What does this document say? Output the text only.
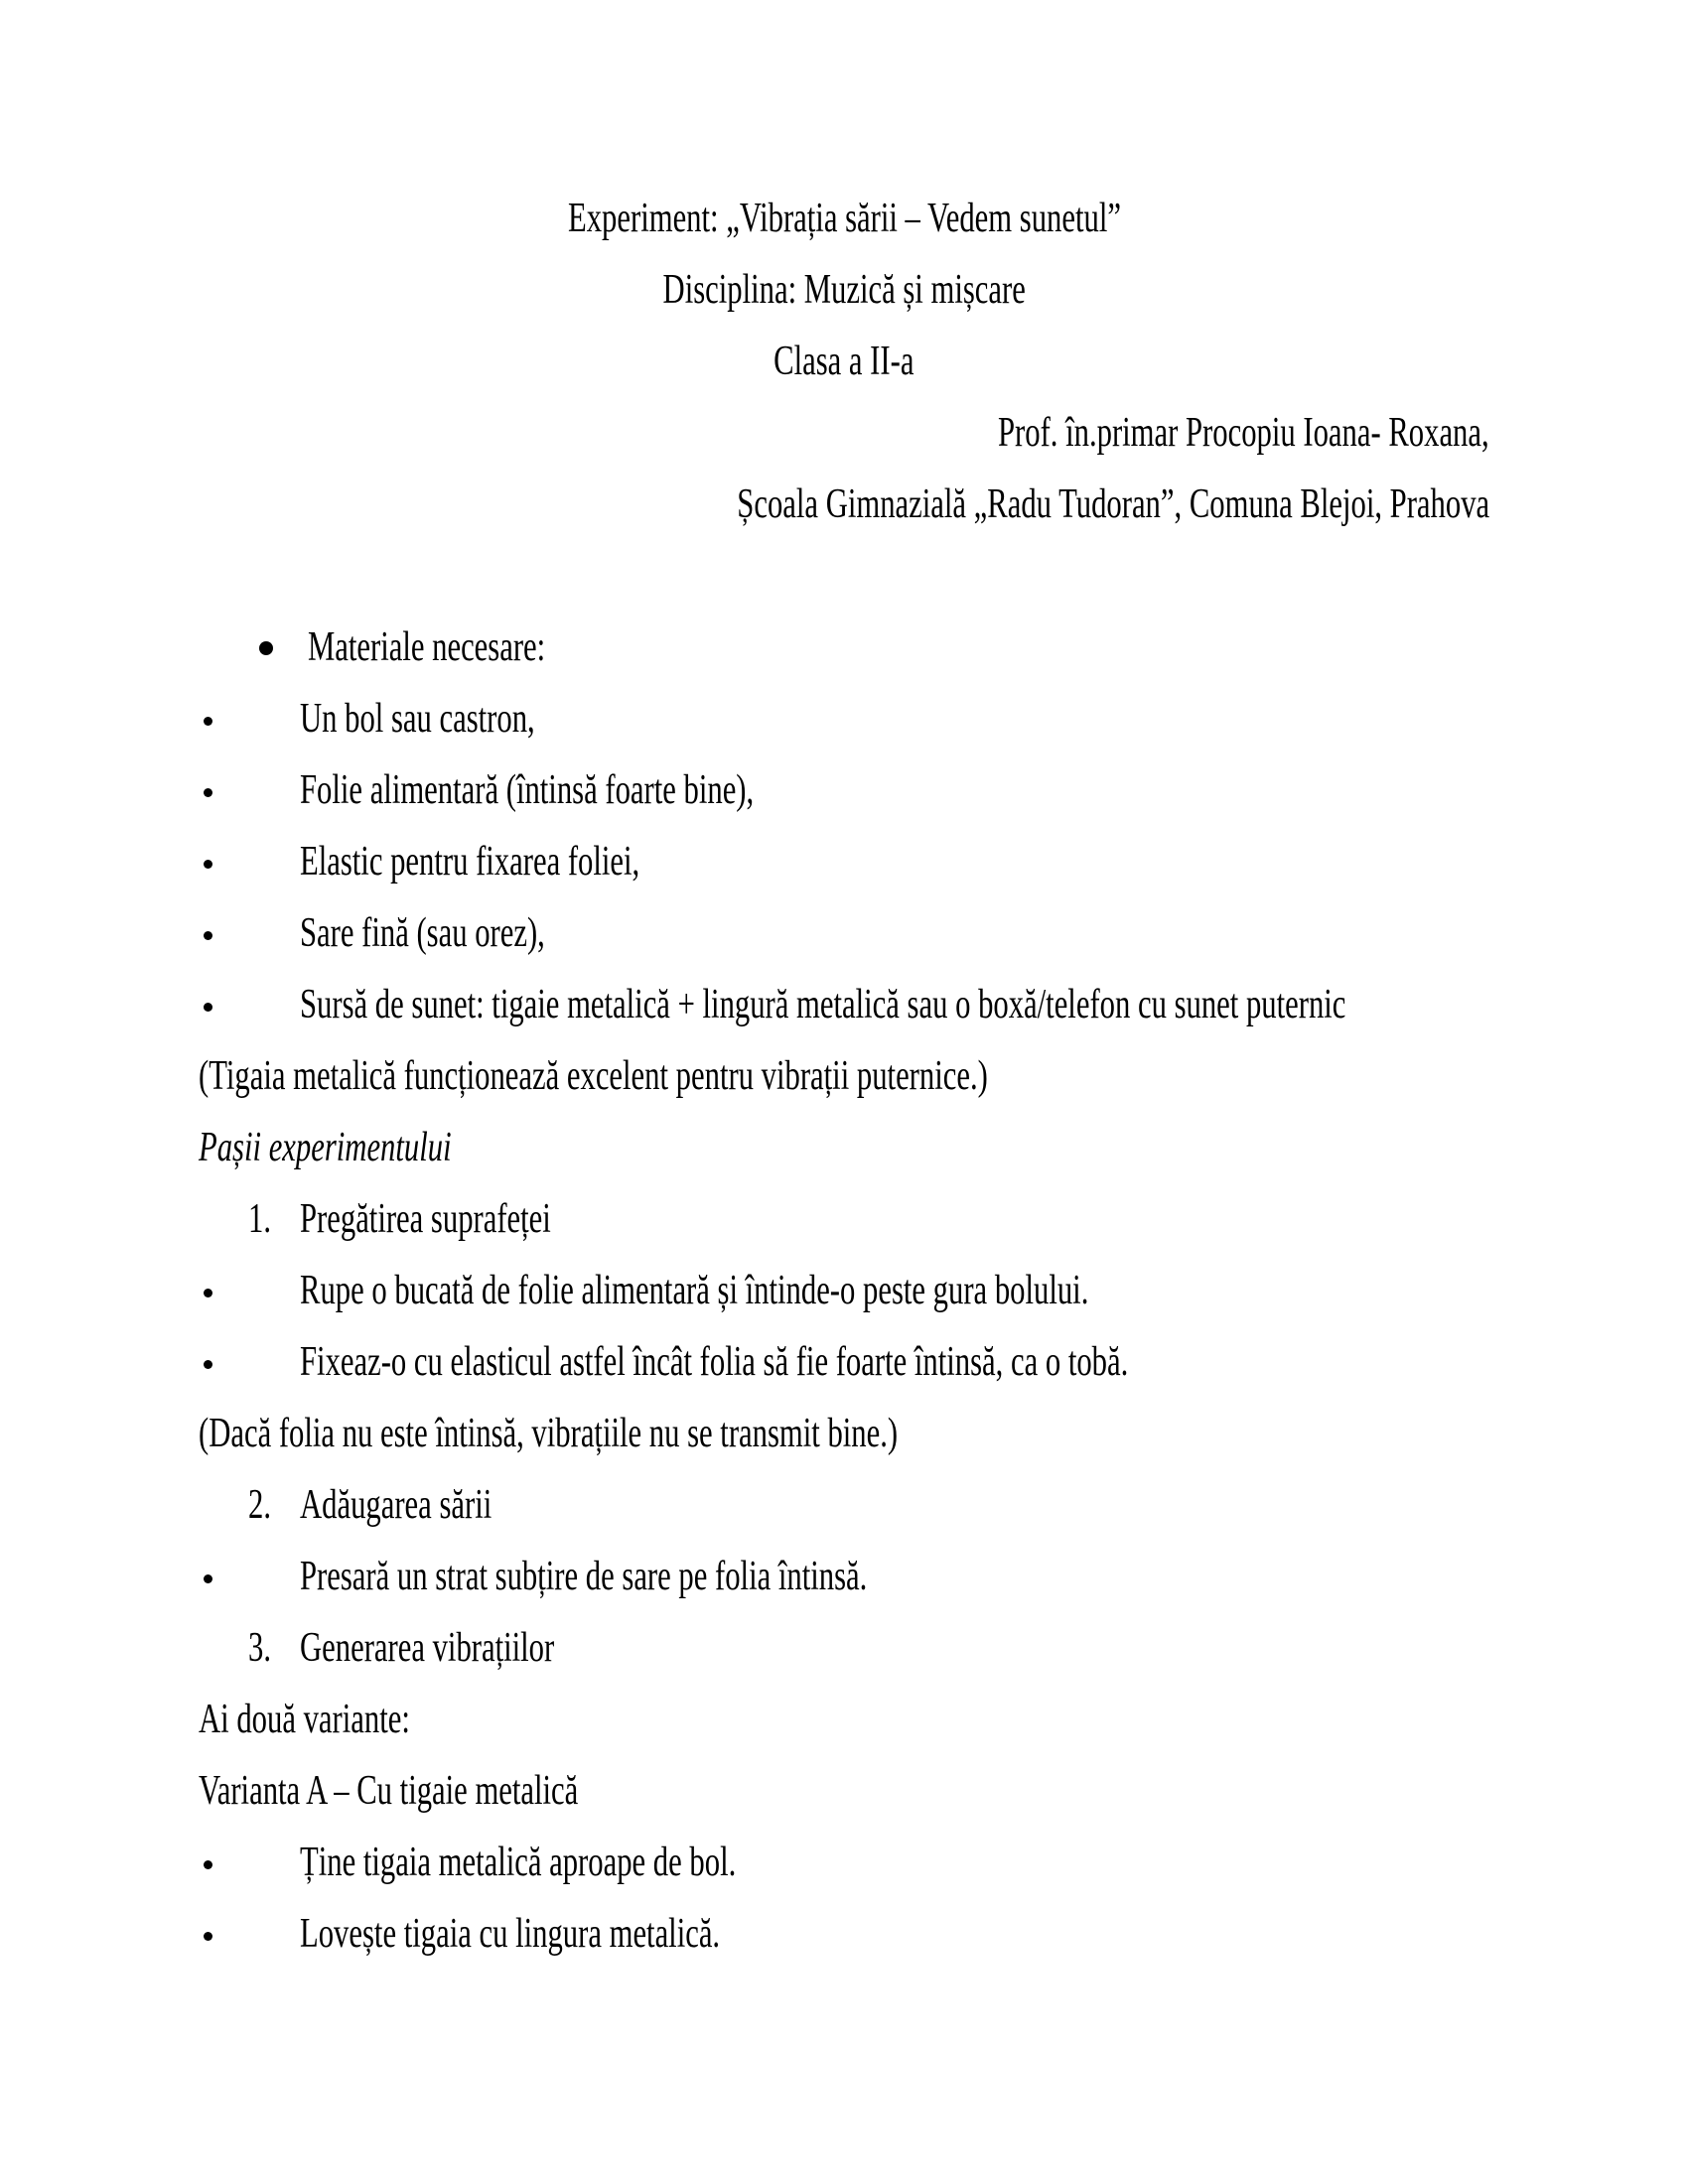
Experiment: „Vibrația sării – Vedem sunetul”
Disciplina: Muzică și mișcare
Clasa a II-a
Prof. în.primar Procopiu Ioana- Roxana,
Școala Gimnazială „Radu Tudoran”, Comuna Blejoi, Prahova
Materiale necesare:
Un bol sau castron,
Folie alimentară (întinsă foarte bine),
Elastic pentru fixarea foliei,
Sare fină (sau orez),
Sursă de sunet: tigaie metalică + lingură metalică sau o boxă/telefon cu sunet puternic
(Tigaia metalică funcționează excelent pentru vibrații puternice.)
Pașii experimentului
1. Pregătirea suprafeței
Rupe o bucată de folie alimentară și întinde-o peste gura bolului.
Fixeaz-o cu elasticul astfel încât folia să fie foarte întinsă, ca o tobă.
(Dacă folia nu este întinsă, vibrațiile nu se transmit bine.)
2. Adăugarea sării
Presară un strat subțire de sare pe folia întinsă.
3. Generarea vibrațiilor
Ai două variante:
Varianta A – Cu tigaie metalică
Ține tigaia metalică aproape de bol.
Lovește tigaia cu lingura metalică.
